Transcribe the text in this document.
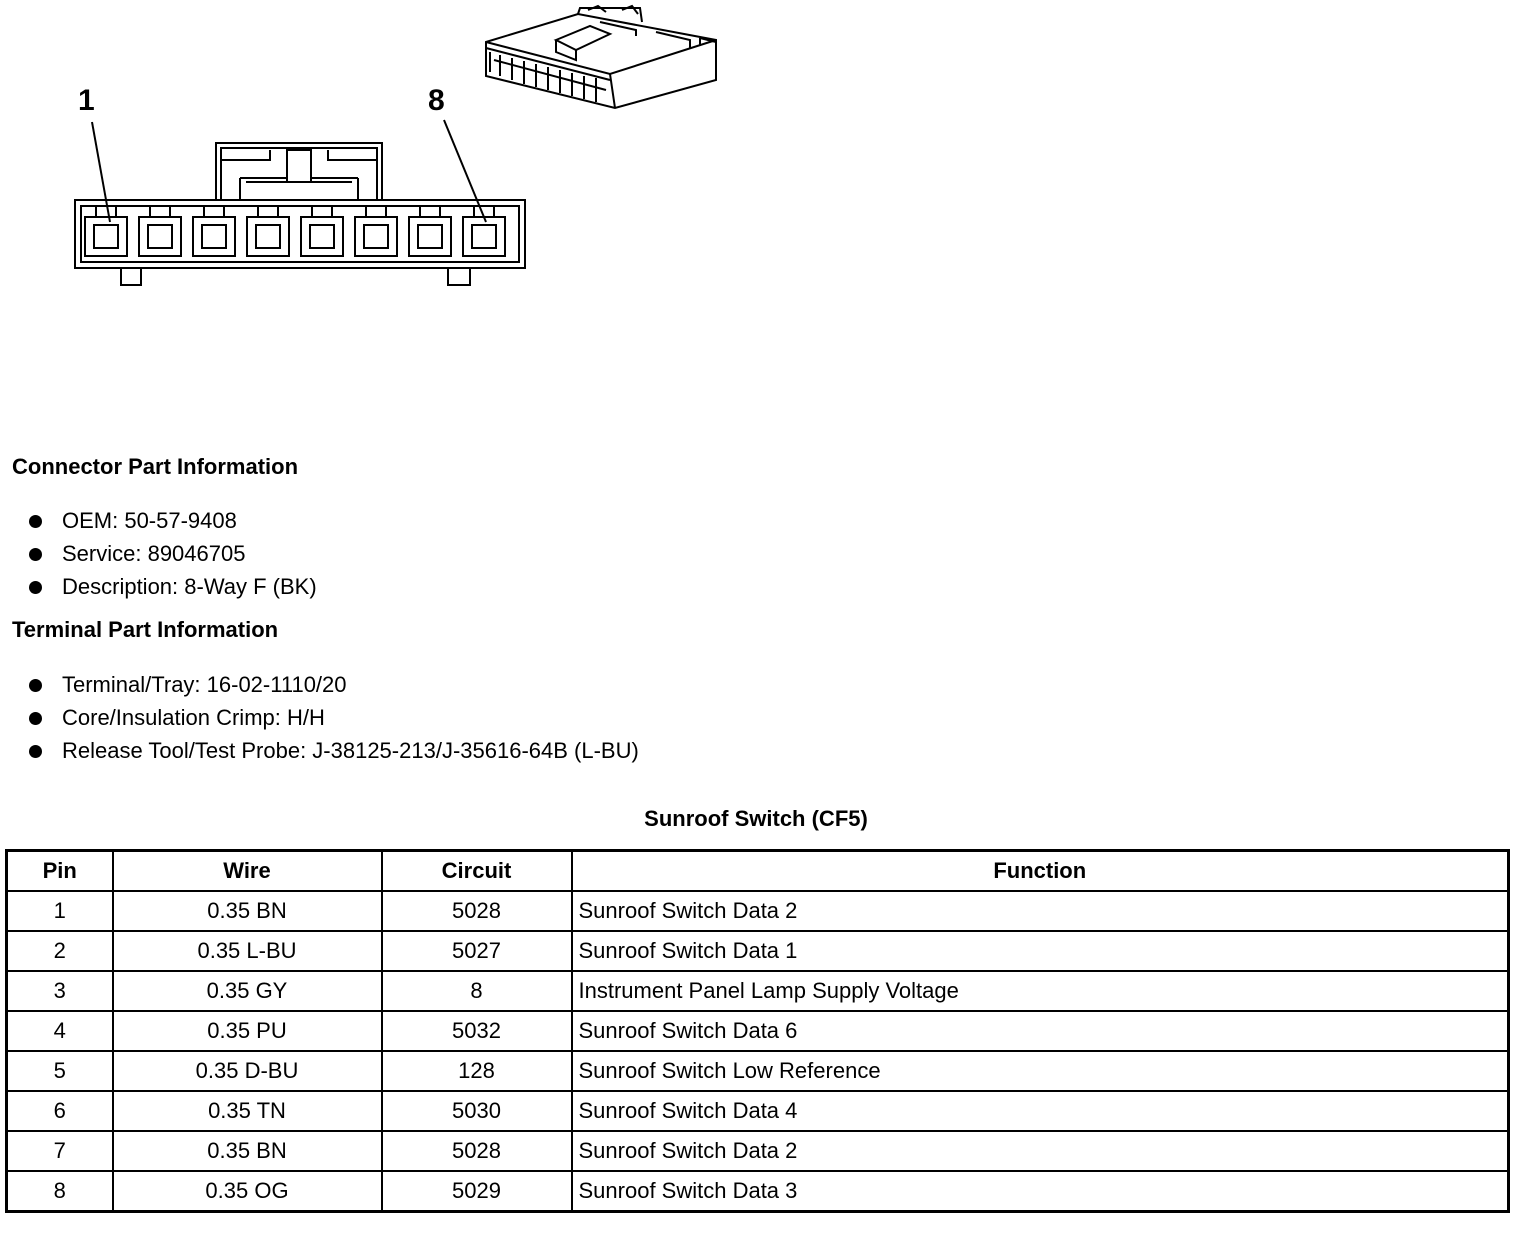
1	8
Connector Part Information
OEM: 50-57-9408
Service: 89046705
Description: 8-Way F (BK)
Terminal Part Information
Terminal/Tray: 16-02-1110/20
Core/Insulation Crimp: H/H
Release Tool/Test Probe: J-38125-213/J-35616-64B (L-BU)
Sunroof Switch (CF5)
Pin	Wire	Circuit	Function
1	0.35 BN	5028	Sunroof Switch Data 2
2	0.35 L-BU	5027	Sunroof Switch Data 1
3	0.35 GY	8	Instrument Panel Lamp Supply Voltage
4	0.35 PU	5032	Sunroof Switch Data 6
5	0.35 D-BU	128	Sunroof Switch Low Reference
6	0.35 TN	5030	Sunroof Switch Data 4
7	0.35 BN	5028	Sunroof Switch Data 2
8	0.35 OG	5029	Sunroof Switch Data 3
